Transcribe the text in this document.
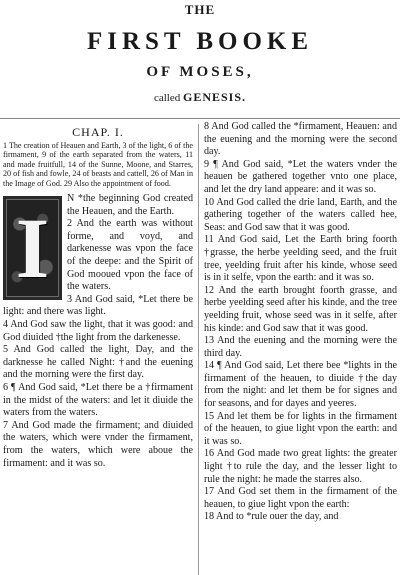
THE
FIRST BOOKE
OF MOSES,
called GENESIS.
CHAP. I.
1 The creation of Heauen and Earth, 3 of the light, 6 of the firmament, 9 of the earth separated from the waters, 11 and made fruitfull, 14 of the Sunne, Moone, and Starres, 20 of fish and fowle, 24 of beasts and cattell, 26 of Man in the Image of God. 29 Also the appointment of food.
I

N *the beginning God created the Heauen, and the Earth.

2 And the earth was without forme, and voyd, and darkenesse was vpon the face of the deepe: and the Spirit of God mooued vpon the face of the waters.

3 And God said, *Let there be light: and there was light.

4 And God saw the light, that it was good: and God diuided †the light from the darkenesse.

5 And God called the light, Day, and the darknesse he called Night: †and the euening and the morning were the first day.

6 ¶ And God said, *Let there be a †firmament in the midst of the waters: and let it diuide the waters from the waters.

7 And God made the firmament; and diuided the waters, which were vnder the firmament, from the waters, which were aboue the firmament: and it was so.

8 And God called the *firmament, Heauen: and the euening and the morning were the second day.

9 ¶ And God said, *Let the waters vnder the heauen be gathered together vnto one place, and let the dry land appeare: and it was so.

10 And God called the drie land, Earth, and the gathering together of the waters called hee, Seas: and God saw that it was good.

11 And God said, Let the Earth bring foorth †grasse, the herbe yeelding seed, and the fruit tree, yeelding fruit after his kinde, whose seed is in it selfe, vpon the earth: and it was so.

12 And the earth brought foorth grasse, and herbe yeelding seed after his kinde, and the tree yeelding fruit, whose seed was in it selfe, after his kinde: and God saw that it was good.

13 And the euening and the morning were the third day.

14 ¶ And God said, Let there bee *lights in the firmament of the heauen, to diuide †the day from the night: and let them be for signes and for seasons, and for dayes and yeeres.

15 And let them be for lights in the firmament of the heauen, to giue light vpon the earth: and it was so.

16 And God made two great lights: the greater light †to rule the day, and the lesser light to rule the night: he made the starres also.

17 And God set them in the firmament of the heauen, to giue light vpon the earth:

18 And to *rule ouer the day, and
